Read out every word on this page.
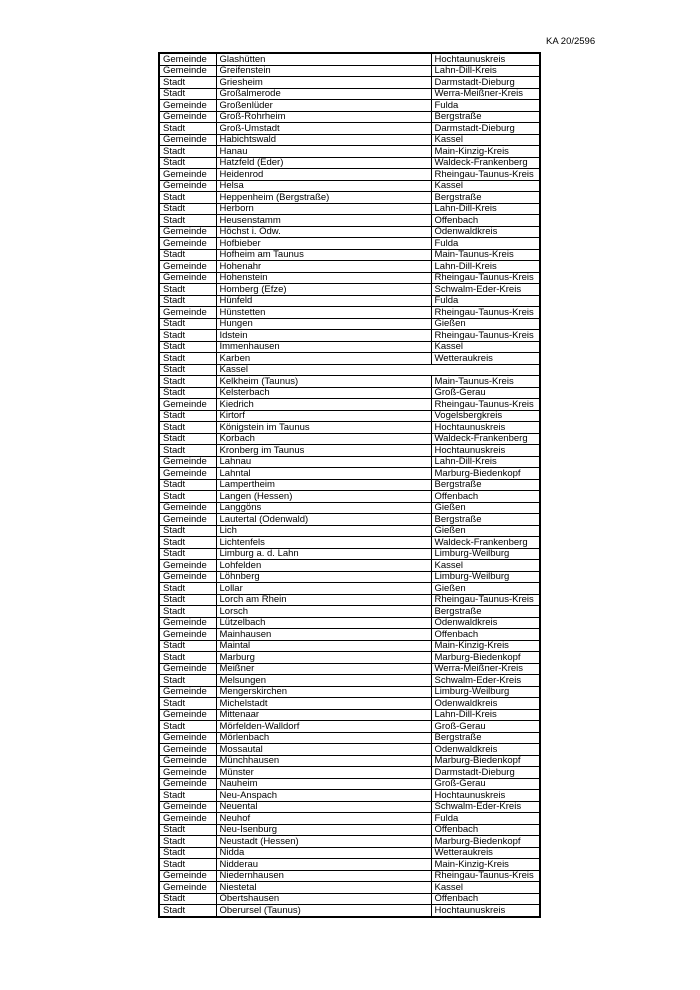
KA 20/2596
Gemeinde	Glashütten	Hochtaunuskreis
Gemeinde	Greifenstein	Lahn-Dill-Kreis
Stadt	Griesheim	Darmstadt-Dieburg
Stadt	Großalmerode	Werra-Meißner-Kreis
Gemeinde	Großenlüder	Fulda
Gemeinde	Groß-Rohrheim	Bergstraße
Stadt	Groß-Umstadt	Darmstadt-Dieburg
Gemeinde	Habichtswald	Kassel
Stadt	Hanau	Main-Kinzig-Kreis
Stadt	Hatzfeld (Eder)	Waldeck-Frankenberg
Gemeinde	Heidenrod	Rheingau-Taunus-Kreis
Gemeinde	Helsa	Kassel
Stadt	Heppenheim (Bergstraße)	Bergstraße
Stadt	Herborn	Lahn-Dill-Kreis
Stadt	Heusenstamm	Offenbach
Gemeinde	Höchst i. Odw.	Odenwaldkreis
Gemeinde	Hofbieber	Fulda
Stadt	Hofheim am Taunus	Main-Taunus-Kreis
Gemeinde	Hohenahr	Lahn-Dill-Kreis
Gemeinde	Hohenstein	Rheingau-Taunus-Kreis
Stadt	Homberg (Efze)	Schwalm-Eder-Kreis
Stadt	Hünfeld	Fulda
Gemeinde	Hünstetten	Rheingau-Taunus-Kreis
Stadt	Hungen	Gießen
Stadt	Idstein	Rheingau-Taunus-Kreis
Stadt	Immenhausen	Kassel
Stadt	Karben	Wetteraukreis
Stadt	Kassel	
Stadt	Kelkheim (Taunus)	Main-Taunus-Kreis
Stadt	Kelsterbach	Groß-Gerau
Gemeinde	Kiedrich	Rheingau-Taunus-Kreis
Stadt	Kirtorf	Vogelsbergkreis
Stadt	Königstein im Taunus	Hochtaunuskreis
Stadt	Korbach	Waldeck-Frankenberg
Stadt	Kronberg im Taunus	Hochtaunuskreis
Gemeinde	Lahnau	Lahn-Dill-Kreis
Gemeinde	Lahntal	Marburg-Biedenkopf
Stadt	Lampertheim	Bergstraße
Stadt	Langen (Hessen)	Offenbach
Gemeinde	Langgöns	Gießen
Gemeinde	Lautertal (Odenwald)	Bergstraße
Stadt	Lich	Gießen
Stadt	Lichtenfels	Waldeck-Frankenberg
Stadt	Limburg a. d. Lahn	Limburg-Weilburg
Gemeinde	Lohfelden	Kassel
Gemeinde	Löhnberg	Limburg-Weilburg
Stadt	Lollar	Gießen
Stadt	Lorch am Rhein	Rheingau-Taunus-Kreis
Stadt	Lorsch	Bergstraße
Gemeinde	Lützelbach	Odenwaldkreis
Gemeinde	Mainhausen	Offenbach
Stadt	Maintal	Main-Kinzig-Kreis
Stadt	Marburg	Marburg-Biedenkopf
Gemeinde	Meißner	Werra-Meißner-Kreis
Stadt	Melsungen	Schwalm-Eder-Kreis
Gemeinde	Mengerskirchen	Limburg-Weilburg
Stadt	Michelstadt	Odenwaldkreis
Gemeinde	Mittenaar	Lahn-Dill-Kreis
Stadt	Mörfelden-Walldorf	Groß-Gerau
Gemeinde	Mörlenbach	Bergstraße
Gemeinde	Mossautal	Odenwaldkreis
Gemeinde	Münchhausen	Marburg-Biedenkopf
Gemeinde	Münster	Darmstadt-Dieburg
Gemeinde	Nauheim	Groß-Gerau
Stadt	Neu-Anspach	Hochtaunuskreis
Gemeinde	Neuental	Schwalm-Eder-Kreis
Gemeinde	Neuhof	Fulda
Stadt	Neu-Isenburg	Offenbach
Stadt	Neustadt (Hessen)	Marburg-Biedenkopf
Stadt	Nidda	Wetteraukreis
Stadt	Nidderau	Main-Kinzig-Kreis
Gemeinde	Niedernhausen	Rheingau-Taunus-Kreis
Gemeinde	Niestetal	Kassel
Stadt	Obertshausen	Offenbach
Stadt	Oberursel (Taunus)	Hochtaunuskreis
